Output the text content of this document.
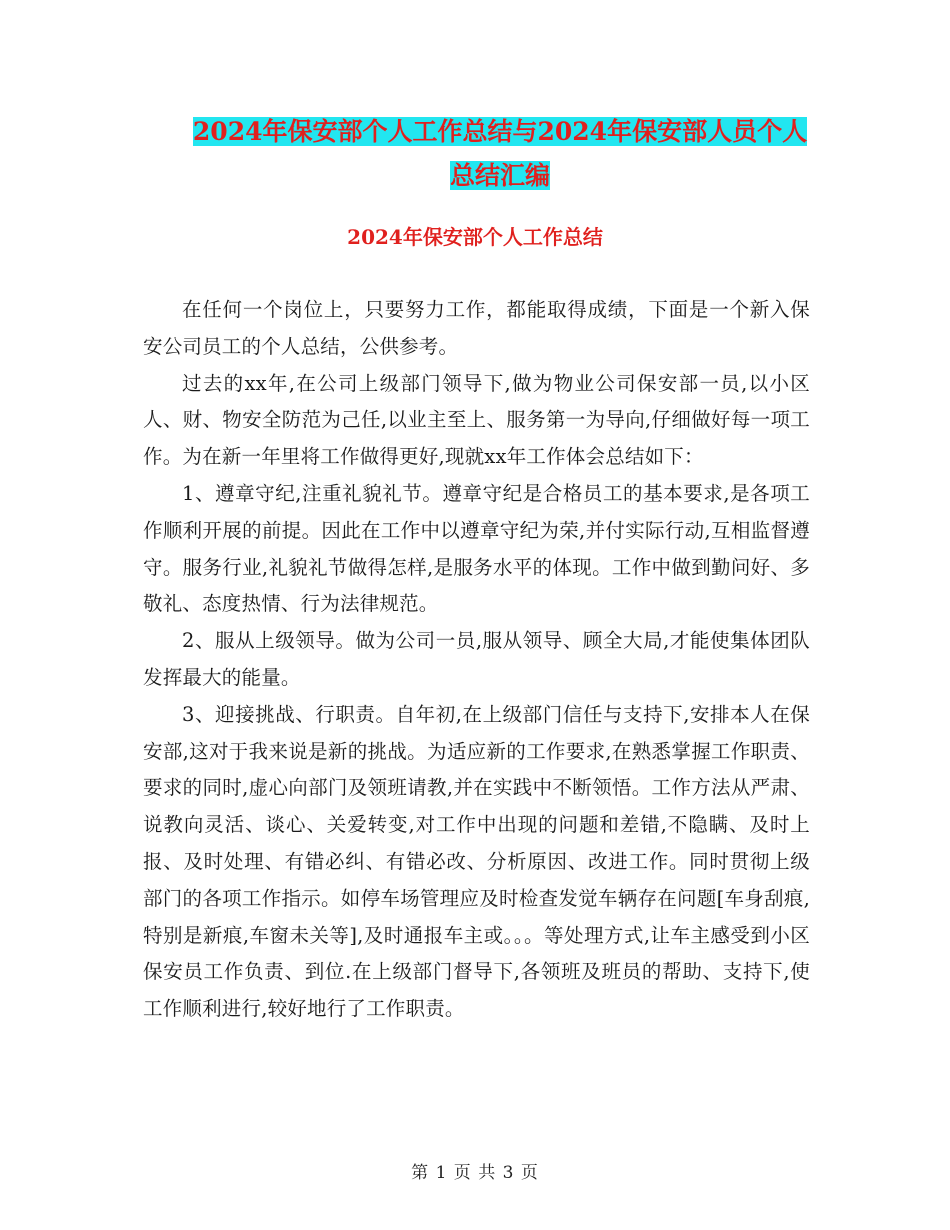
2024年保安部个人工作总结与2024年保安部人员个人
总结汇编
2024年保安部个人工作总结

在任何一个岗位上，只要努力工作，都能取得成绩，下面是一个新入保安公司员工的个人总结，公供参考。

过去的xx年,在公司上级部门领导下,做为物业公司保安部一员,以小区人、财、物安全防范为己任,以业主至上、服务第一为导向,仔细做好每一项工作。为在新一年里将工作做得更好,现就xx年工作体会总结如下：

1、遵章守纪,注重礼貌礼节。遵章守纪是合格员工的基本要求,是各项工作顺利开展的前提。因此在工作中以遵章守纪为荣,并付实际行动,互相监督遵守。服务行业,礼貌礼节做得怎样,是服务水平的体现。工作中做到勤问好、多敬礼、态度热情、行为法律规范。

2、服从上级领导。做为公司一员,服从领导、顾全大局,才能使集体团队发挥最大的能量。

3、迎接挑战、行职责。自年初,在上级部门信任与支持下,安排本人在保安部,这对于我来说是新的挑战。为适应新的工作要求,在熟悉掌握工作职责、要求的同时,虚心向部门及领班请教,并在实践中不断领悟。工作方法从严肃、说教向灵活、谈心、关爱转变,对工作中出现的问题和差错,不隐瞒、及时上报、及时处理、有错必纠、有错必改、分析原因、改进工作。同时贯彻上级部门的各项工作指示。如停车场管理应及时检查发觉车辆存在问题[车身刮痕,特别是新痕,车窗未关等],及时通报车主或。。。等处理方式,让车主感受到小区保安员工作负责、到位.在上级部门督导下,各领班及班员的帮助、支持下,使工作顺利进行,较好地行了工作职责。

第 1 页 共 3 页
